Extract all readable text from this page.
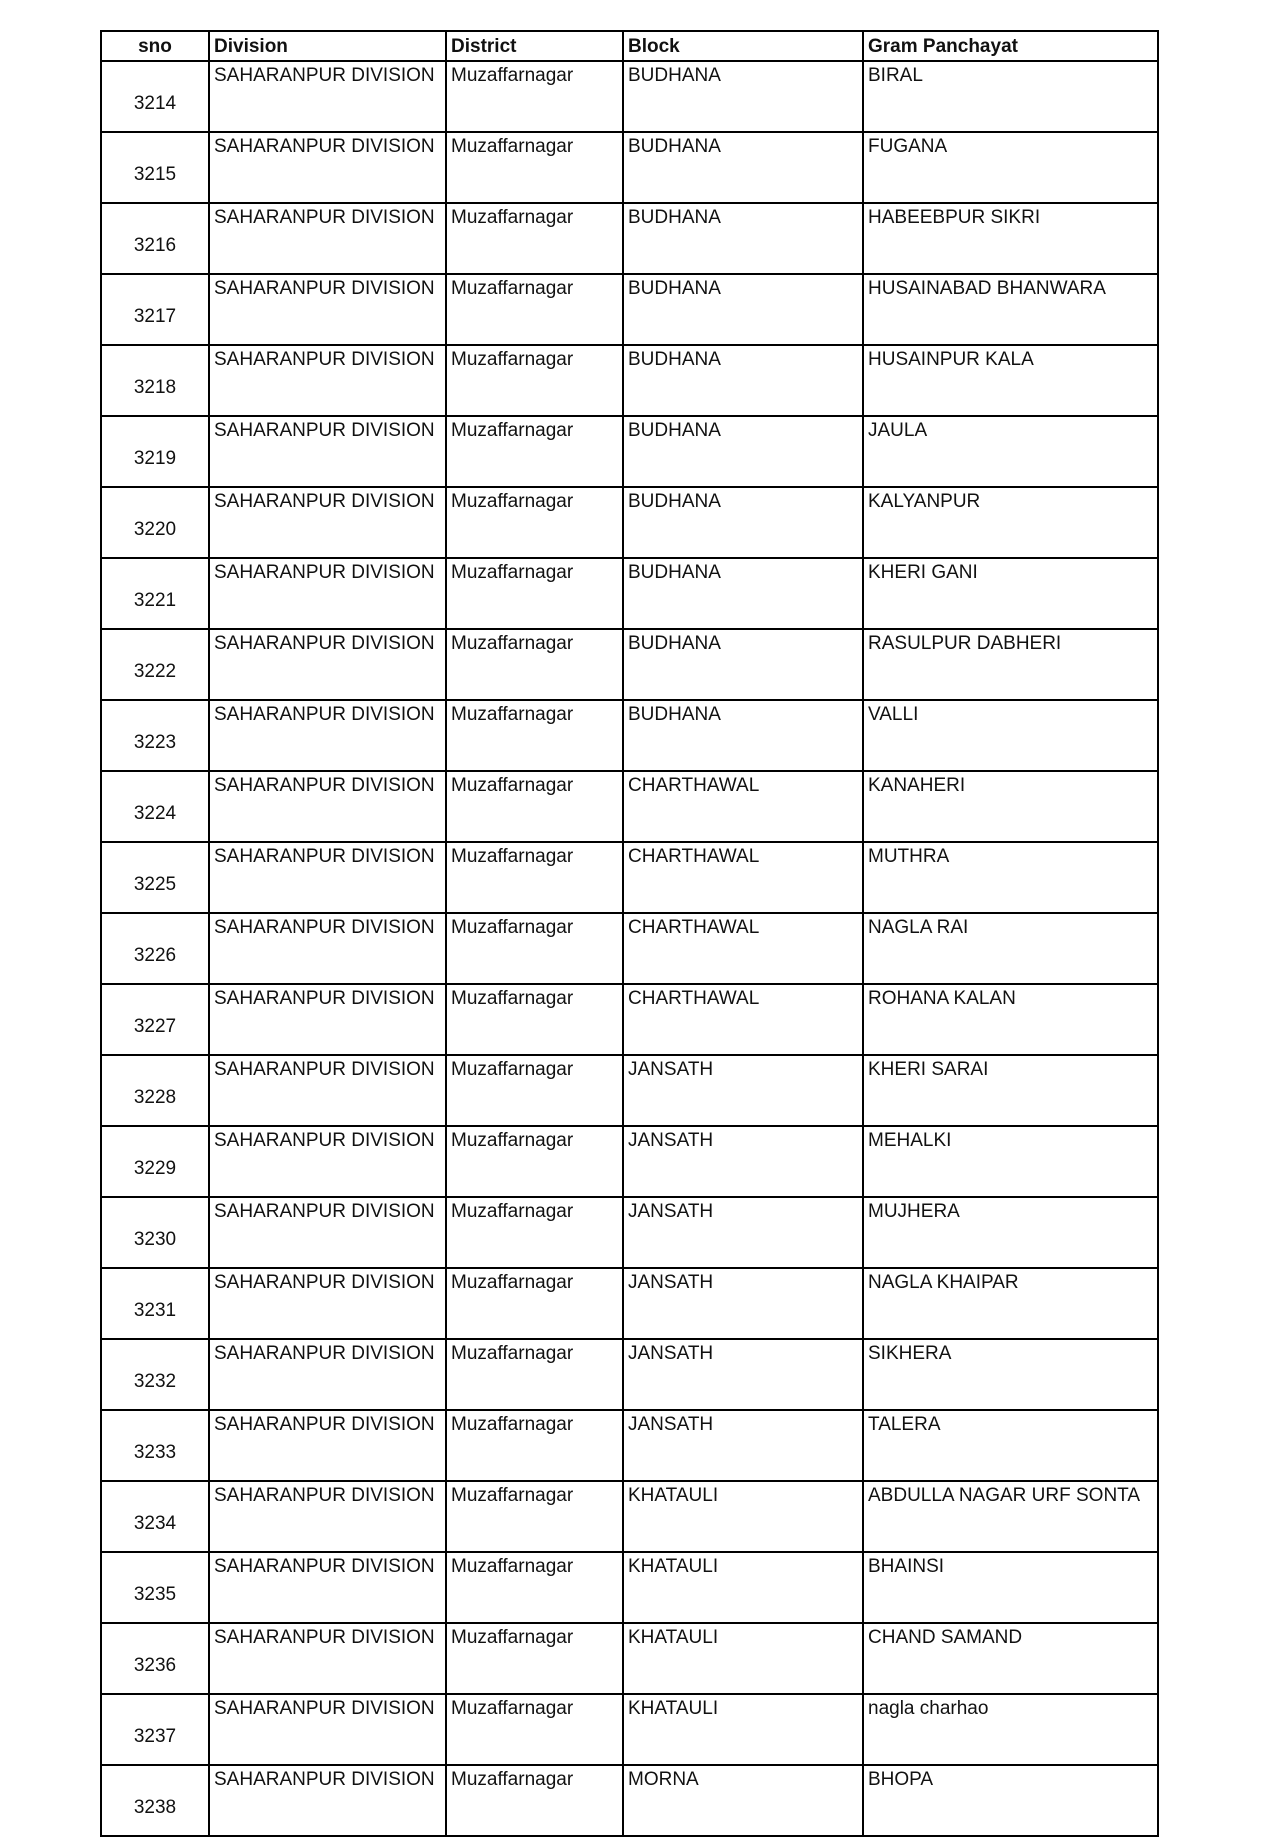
sno	Division	District	Block	Gram Panchayat
3214	SAHARANPUR DIVISION	Muzaffarnagar	BUDHANA	BIRAL
3215	SAHARANPUR DIVISION	Muzaffarnagar	BUDHANA	FUGANA
3216	SAHARANPUR DIVISION	Muzaffarnagar	BUDHANA	HABEEBPUR SIKRI
3217	SAHARANPUR DIVISION	Muzaffarnagar	BUDHANA	HUSAINABAD BHANWARA
3218	SAHARANPUR DIVISION	Muzaffarnagar	BUDHANA	HUSAINPUR KALA
3219	SAHARANPUR DIVISION	Muzaffarnagar	BUDHANA	JAULA
3220	SAHARANPUR DIVISION	Muzaffarnagar	BUDHANA	KALYANPUR
3221	SAHARANPUR DIVISION	Muzaffarnagar	BUDHANA	KHERI GANI
3222	SAHARANPUR DIVISION	Muzaffarnagar	BUDHANA	RASULPUR DABHERI
3223	SAHARANPUR DIVISION	Muzaffarnagar	BUDHANA	VALLI
3224	SAHARANPUR DIVISION	Muzaffarnagar	CHARTHAWAL	KANAHERI
3225	SAHARANPUR DIVISION	Muzaffarnagar	CHARTHAWAL	MUTHRA
3226	SAHARANPUR DIVISION	Muzaffarnagar	CHARTHAWAL	NAGLA RAI
3227	SAHARANPUR DIVISION	Muzaffarnagar	CHARTHAWAL	ROHANA KALAN
3228	SAHARANPUR DIVISION	Muzaffarnagar	JANSATH	KHERI SARAI
3229	SAHARANPUR DIVISION	Muzaffarnagar	JANSATH	MEHALKI
3230	SAHARANPUR DIVISION	Muzaffarnagar	JANSATH	MUJHERA
3231	SAHARANPUR DIVISION	Muzaffarnagar	JANSATH	NAGLA KHAIPAR
3232	SAHARANPUR DIVISION	Muzaffarnagar	JANSATH	SIKHERA
3233	SAHARANPUR DIVISION	Muzaffarnagar	JANSATH	TALERA
3234	SAHARANPUR DIVISION	Muzaffarnagar	KHATAULI	ABDULLA NAGAR URF SONTA
3235	SAHARANPUR DIVISION	Muzaffarnagar	KHATAULI	BHAINSI
3236	SAHARANPUR DIVISION	Muzaffarnagar	KHATAULI	CHAND SAMAND
3237	SAHARANPUR DIVISION	Muzaffarnagar	KHATAULI	nagla charhao
3238	SAHARANPUR DIVISION	Muzaffarnagar	MORNA	BHOPA
